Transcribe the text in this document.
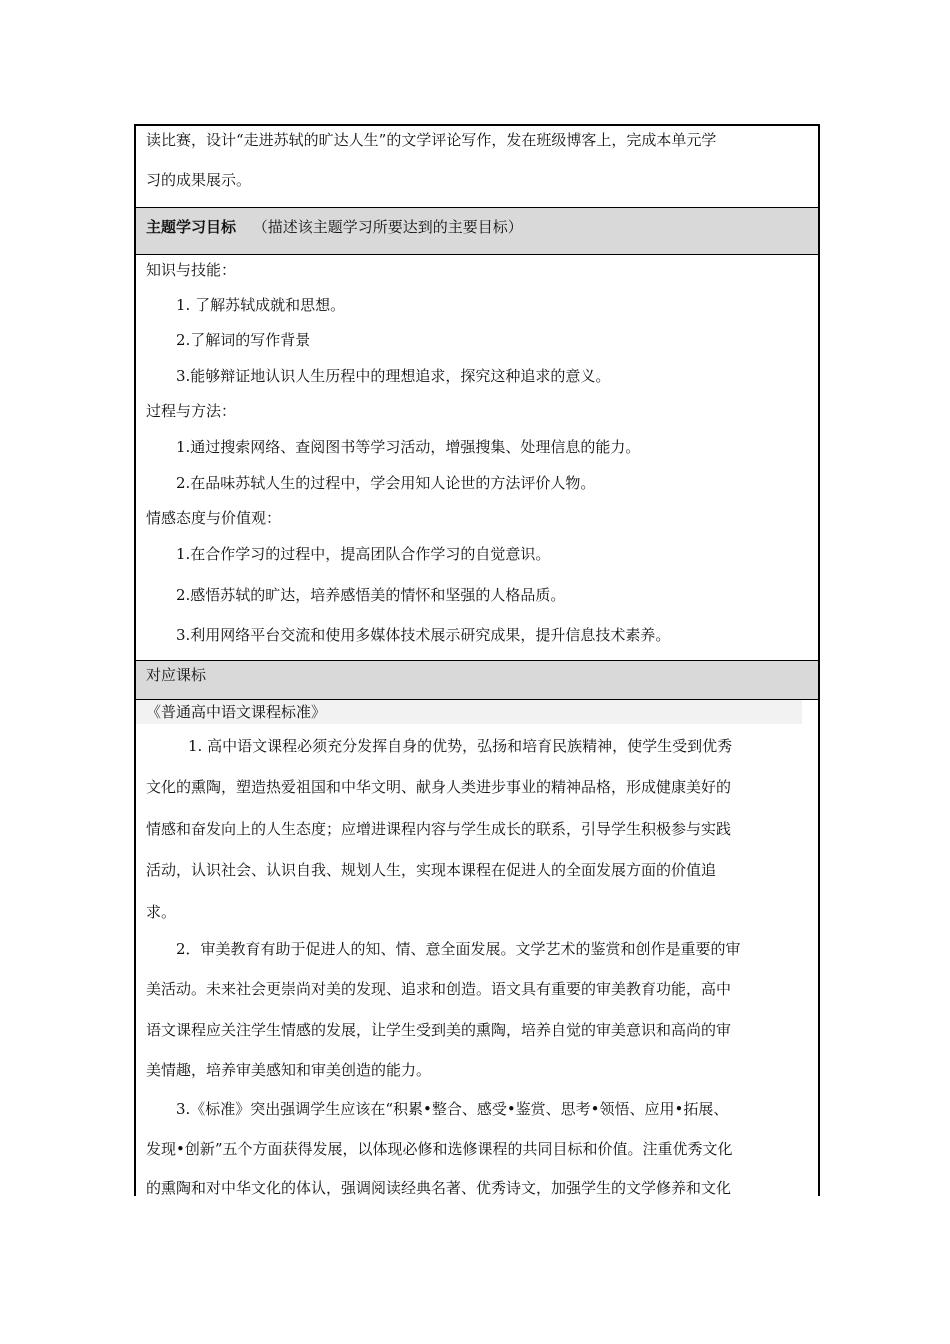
读比赛，设计“走进苏轼的旷达人生”的文学评论写作，发在班级博客上，完成本单元学
习的成果展示。
主题学习目标 （描述该主题学习所要达到的主要目标）
知识与技能：
1. 了解苏轼成就和思想。
2.了解词的写作背景
3.能够辩证地认识人生历程中的理想追求，探究这种追求的意义。
过程与方法：
1.通过搜索网络、查阅图书等学习活动，增强搜集、处理信息的能力。
2.在品味苏轼人生的过程中，学会用知人论世的方法评价人物。
情感态度与价值观：
1.在合作学习的过程中，提高团队合作学习的自觉意识。
2.感悟苏轼的旷达，培养感悟美的情怀和坚强的人格品质。
3.利用网络平台交流和使用多媒体技术展示研究成果，提升信息技术素养。
对应课标
《普通高中语文课程标准》
1. 高中语文课程必须充分发挥自身的优势，弘扬和培育民族精神，使学生受到优秀
文化的熏陶，塑造热爱祖国和中华文明、献身人类进步事业的精神品格，形成健康美好的
情感和奋发向上的人生态度；应增进课程内容与学生成长的联系，引导学生积极参与实践
活动，认识社会、认识自我、规划人生，实现本课程在促进人的全面发展方面的价值追
求。
2．审美教育有助于促进人的知、情、意全面发展。文学艺术的鉴赏和创作是重要的审
美活动。未来社会更崇尚对美的发现、追求和创造。语文具有重要的审美教育功能，高中
语文课程应关注学生情感的发展，让学生受到美的熏陶，培养自觉的审美意识和高尚的审
美情趣，培养审美感知和审美创造的能力。
3.《标准》突出强调学生应该在“积累•整合、感受•鉴赏、思考•领悟、应用•拓展、
发现•创新”五个方面获得发展，以体现必修和选修课程的共同目标和价值。注重优秀文化
的熏陶和对中华文化的体认，强调阅读经典名著、优秀诗文，加强学生的文学修养和文化
